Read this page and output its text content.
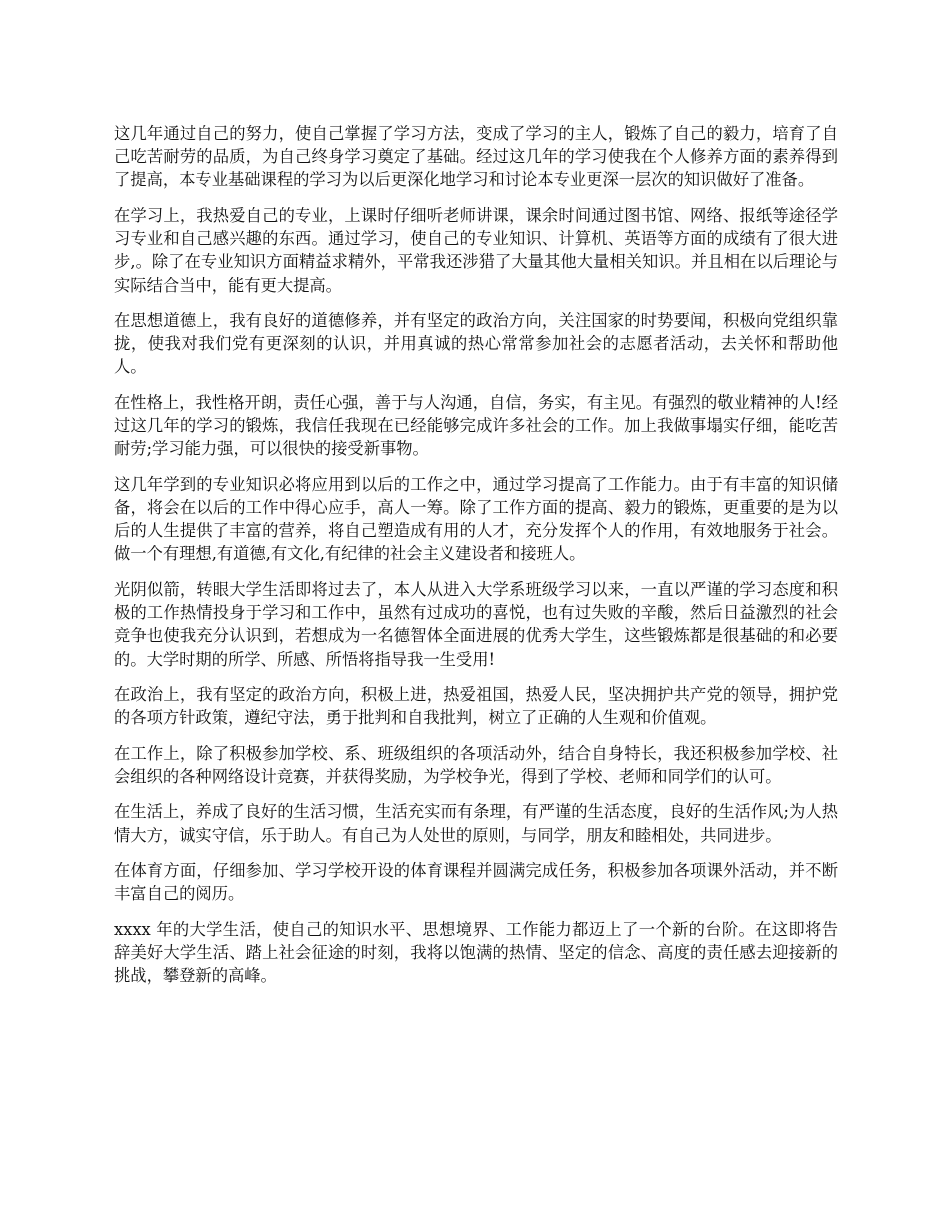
这几年通过自己的努力，使自己掌握了学习方法，变成了学习的主人，锻炼了自己的毅力，培育了自己吃苦耐劳的品质，为自己终身学习奠定了基础。经过这几年的学习使我在个人修养方面的素养得到了提高，本专业基础课程的学习为以后更深化地学习和讨论本专业更深一层次的知识做好了准备。

在学习上，我热爱自己的专业，上课时仔细听老师讲课，课余时间通过图书馆、网络、报纸等途径学习专业和自己感兴趣的东西。通过学习，使自己的专业知识、计算机、英语等方面的成绩有了很大进步,。除了在专业知识方面精益求精外，平常我还涉猎了大量其他大量相关知识。并且相在以后理论与实际结合当中，能有更大提高。

在思想道德上，我有良好的道德修养，并有坚定的政治方向，关注国家的时势要闻，积极向党组织靠拢，使我对我们党有更深刻的认识，并用真诚的热心常常参加社会的志愿者活动，去关怀和帮助他人。

在性格上，我性格开朗，责任心强，善于与人沟通，自信，务实，有主见。有强烈的敬业精神的人!经过这几年的学习的锻炼，我信任我现在已经能够完成许多社会的工作。加上我做事塌实仔细，能吃苦耐劳;学习能力强，可以很快的接受新事物。

这几年学到的专业知识必将应用到以后的工作之中，通过学习提高了工作能力。由于有丰富的知识储备，将会在以后的工作中得心应手，高人一筹。除了工作方面的提高、毅力的锻炼，更重要的是为以后的人生提供了丰富的营养，将自己塑造成有用的人才，充分发挥个人的作用，有效地服务于社会。做一个有理想,有道德,有文化,有纪律的社会主义建设者和接班人。

光阴似箭，转眼大学生活即将过去了，本人从进入大学系班级学习以来，一直以严谨的学习态度和积极的工作热情投身于学习和工作中，虽然有过成功的喜悦，也有过失败的辛酸，然后日益激烈的社会竞争也使我充分认识到，若想成为一名德智体全面进展的优秀大学生，这些锻炼都是很基础的和必要的。大学时期的所学、所感、所悟将指导我一生受用!

在政治上，我有坚定的政治方向，积极上进，热爱祖国，热爱人民，坚决拥护共产党的领导，拥护党的各项方针政策，遵纪守法，勇于批判和自我批判，树立了正确的人生观和价值观。

在工作上，除了积极参加学校、系、班级组织的各项活动外，结合自身特长，我还积极参加学校、社会组织的各种网络设计竞赛，并获得奖励，为学校争光，得到了学校、老师和同学们的认可。

在生活上，养成了良好的生活习惯，生活充实而有条理，有严谨的生活态度，良好的生活作风;为人热情大方，诚实守信，乐于助人。有自己为人处世的原则，与同学，朋友和睦相处，共同进步。

在体育方面，仔细参加、学习学校开设的体育课程并圆满完成任务，积极参加各项课外活动，并不断丰富自己的阅历。

xxxx 年的大学生活，使自己的知识水平、思想境界、工作能力都迈上了一个新的台阶。在这即将告辞美好大学生活、踏上社会征途的时刻，我将以饱满的热情、坚定的信念、高度的责任感去迎接新的挑战，攀登新的高峰。
